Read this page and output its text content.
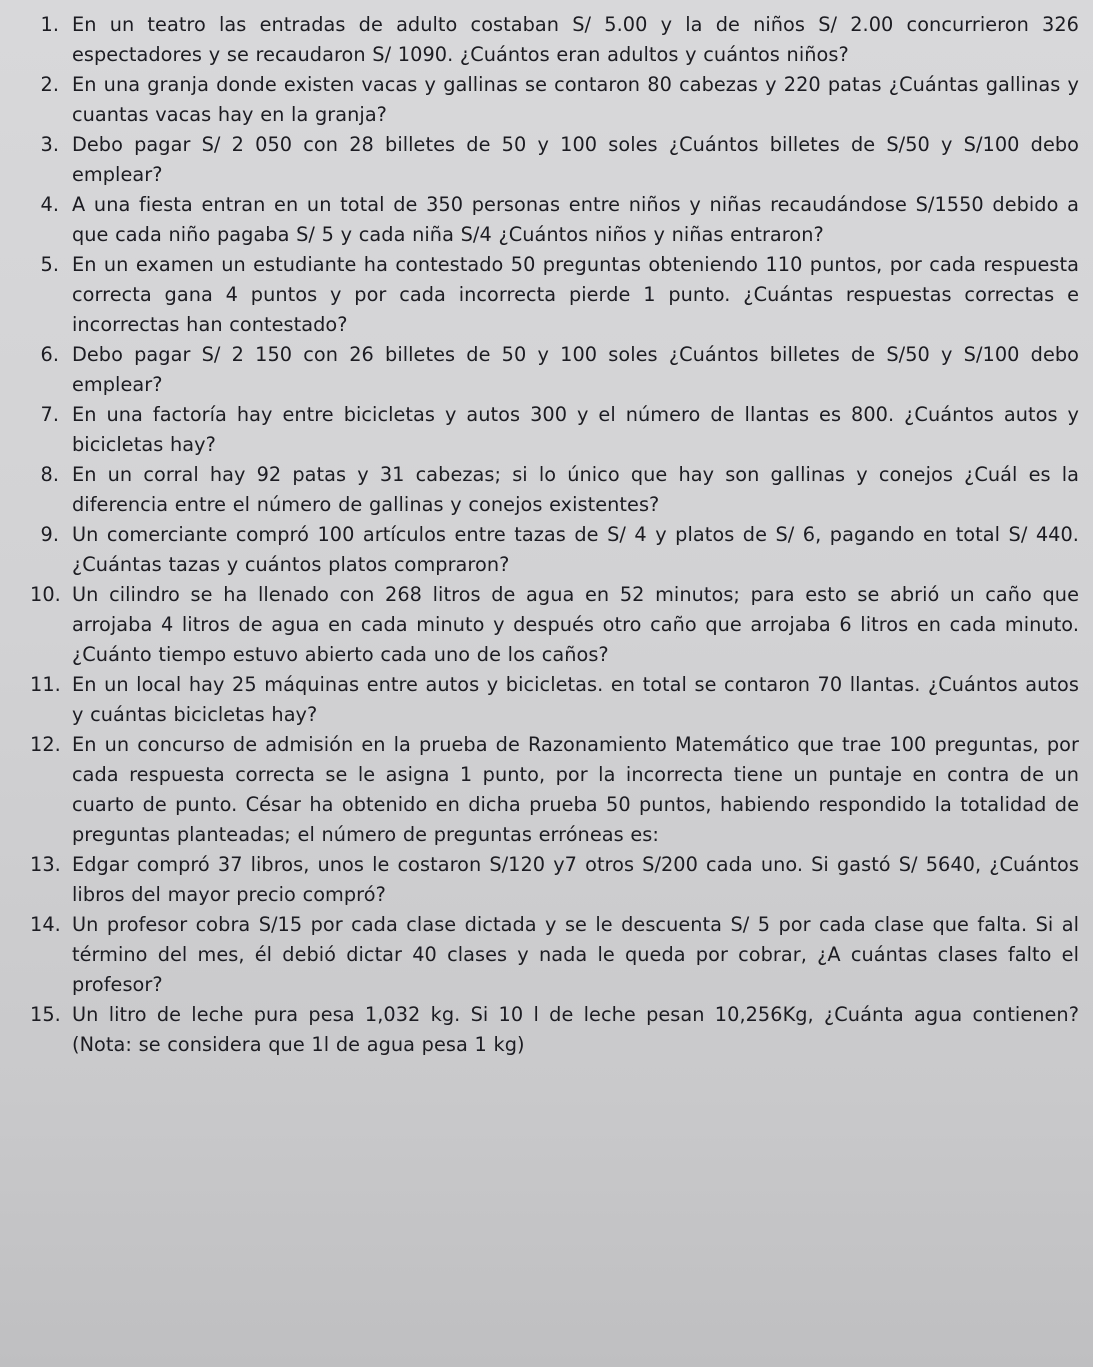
1. En un teatro las entradas de adulto costaban S/ 5.00 y la de niños S/ 2.00 concurrieron 326 espectadores y se recaudaron S/ 1090. ¿Cuántos eran adultos y cuántos niños?
2. En una granja donde existen vacas y gallinas se contaron 80 cabezas y 220 patas ¿Cuántas gallinas y cuantas vacas hay en la granja?
3. Debo pagar S/ 2 050 con 28 billetes de 50 y 100 soles ¿Cuántos billetes de S/50 y S/100 debo emplear?
4. A una fiesta entran en un total de 350 personas entre niños y niñas recaudándose S/1550 debido a que cada niño pagaba S/ 5 y cada niña S/4 ¿Cuántos niños y niñas entraron?
5. En un examen un estudiante ha contestado 50 preguntas obteniendo 110 puntos, por cada respuesta correcta gana 4 puntos y por cada incorrecta pierde 1 punto. ¿Cuántas respuestas correctas e incorrectas han contestado?
6. Debo pagar S/ 2 150 con 26 billetes de 50 y 100 soles ¿Cuántos billetes de S/50 y S/100 debo emplear?
7. En una factoría hay entre bicicletas y autos 300 y el número de llantas es 800. ¿Cuántos autos y bicicletas hay?
8. En un corral hay 92 patas y 31 cabezas; si lo único que hay son gallinas y conejos ¿Cuál es la diferencia entre el número de gallinas y conejos existentes?
9. Un comerciante compró 100 artículos entre tazas de S/ 4 y platos de S/ 6, pagando en total S/ 440. ¿Cuántas tazas y cuántos platos compraron?
10. Un cilindro se ha llenado con 268 litros de agua en 52 minutos; para esto se abrió un caño que arrojaba 4 litros de agua en cada minuto y después otro caño que arrojaba 6 litros en cada minuto. ¿Cuánto tiempo estuvo abierto cada uno de los caños?
11. En un local hay 25 máquinas entre autos y bicicletas. en total se contaron 70 llantas. ¿Cuántos autos y cuántas bicicletas hay?
12. En un concurso de admisión en la prueba de Razonamiento Matemático que trae 100 preguntas, por cada respuesta correcta se le asigna 1 punto, por la incorrecta tiene un puntaje en contra de un cuarto de punto. César ha obtenido en dicha prueba 50 puntos, habiendo respondido la totalidad de preguntas planteadas; el número de preguntas erróneas es:
13. Edgar compró 37 libros, unos le costaron S/120 y7 otros S/200 cada uno. Si gastó S/ 5640, ¿Cuántos libros del mayor precio compró?
14. Un profesor cobra S/15 por cada clase dictada y se le descuenta S/ 5 por cada clase que falta. Si al término del mes, él debió dictar 40 clases y nada le queda por cobrar, ¿A cuántas clases falto el profesor?
15. Un litro de leche pura pesa 1,032 kg. Si 10 l de leche pesan 10,256Kg, ¿Cuánta agua contienen? (Nota: se considera que 1l de agua pesa 1 kg)
